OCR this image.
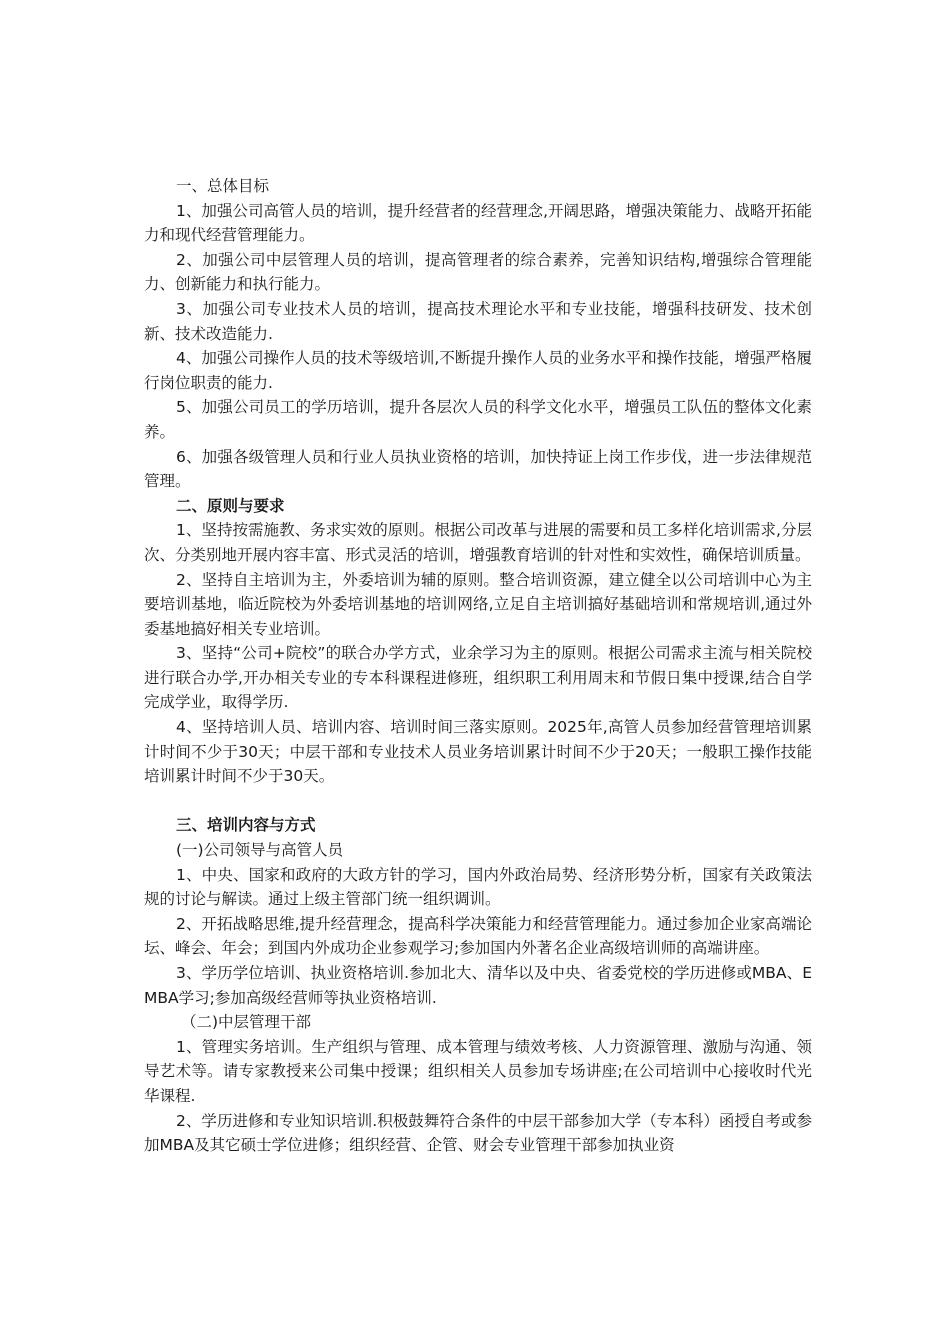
一、总体目标

1、加强公司高管人员的培训，提升经营者的经营理念,开阔思路，增强决策能力、战略开拓能力和现代经营管理能力。

2、加强公司中层管理人员的培训，提高管理者的综合素养，完善知识结构,增强综合管理能力、创新能力和执行能力。

3、加强公司专业技术人员的培训，提高技术理论水平和专业技能，增强科技研发、技术创新、技术改造能力.

4、加强公司操作人员的技术等级培训,不断提升操作人员的业务水平和操作技能，增强严格履行岗位职责的能力.

5、加强公司员工的学历培训，提升各层次人员的科学文化水平，增强员工队伍的整体文化素养。

6、加强各级管理人员和行业人员执业资格的培训，加快持证上岗工作步伐，进一步法律规范管理。

二、原则与要求

1、坚持按需施教、务求实效的原则。根据公司改革与进展的需要和员工多样化培训需求,分层次、分类别地开展内容丰富、形式灵活的培训，增强教育培训的针对性和实效性，确保培训质量。

2、坚持自主培训为主，外委培训为辅的原则。整合培训资源，建立健全以公司培训中心为主要培训基地，临近院校为外委培训基地的培训网络,立足自主培训搞好基础培训和常规培训,通过外委基地搞好相关专业培训。

3、坚持“公司+院校”的联合办学方式，业余学习为主的原则。根据公司需求主流与相关院校进行联合办学,开办相关专业的专本科课程进修班，组织职工利用周末和节假日集中授课,结合自学完成学业，取得学历.

4、坚持培训人员、培训内容、培训时间三落实原则。2025年,高管人员参加经营管理培训累计时间不少于30天；中层干部和专业技术人员业务培训累计时间不少于20天；一般职工操作技能培训累计时间不少于30天。

三、培训内容与方式

(一)公司领导与高管人员

1、中央、国家和政府的大政方针的学习，国内外政治局势、经济形势分析，国家有关政策法规的讨论与解读。通过上级主管部门统一组织调训。

2、开拓战略思维,提升经营理念，提高科学决策能力和经营管理能力。通过参加企业家高端论坛、峰会、年会；到国内外成功企业参观学习;参加国内外著名企业高级培训师的高端讲座。

3、学历学位培训、执业资格培训.参加北大、清华以及中央、省委党校的学历进修或MBA、EMBA学习;参加高级经营师等执业资格培训.

（二)中层管理干部

1、管理实务培训。生产组织与管理、成本管理与绩效考核、人力资源管理、激励与沟通、领导艺术等。请专家教授来公司集中授课；组织相关人员参加专场讲座;在公司培训中心接收时代光华课程.

2、学历进修和专业知识培训.积极鼓舞符合条件的中层干部参加大学（专本科）函授自考或参加MBA及其它硕士学位进修；组织经营、企管、财会专业管理干部参加执业资
